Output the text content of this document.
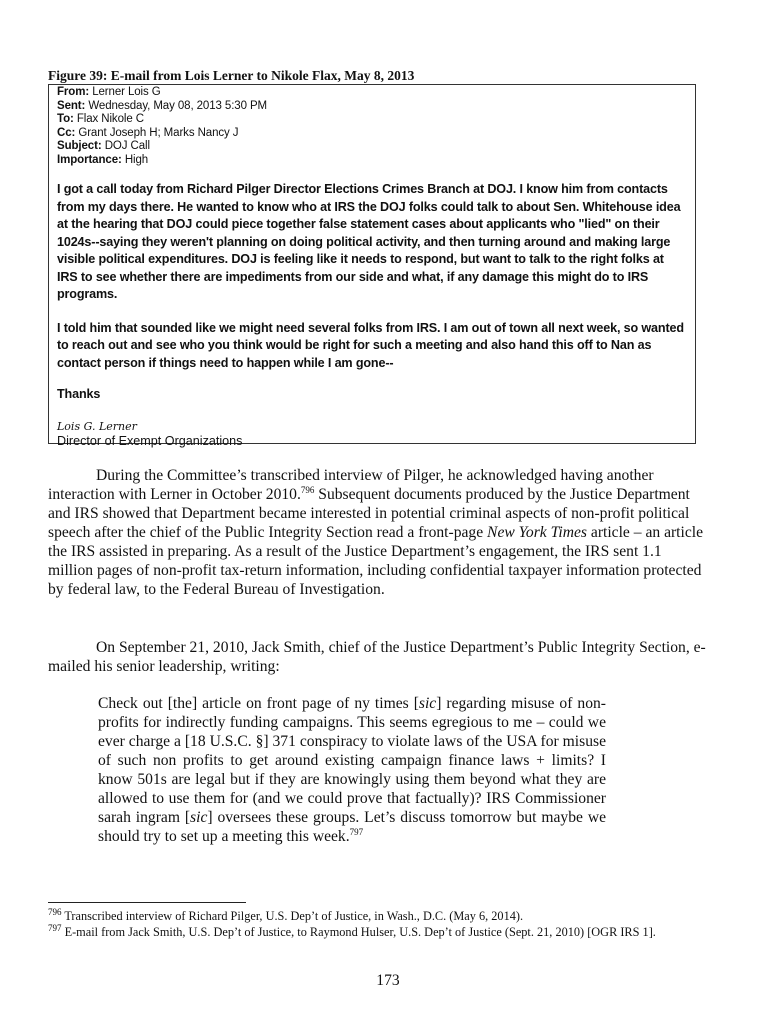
Figure 39: E-mail from Lois Lerner to Nikole Flax, May 8, 2013
From: Lerner Lois G
Sent: Wednesday, May 08, 2013 5:30 PM
To: Flax Nikole C
Cc: Grant Joseph H; Marks Nancy J
Subject: DOJ Call
Importance: High

I got a call today from Richard Pilger Director Elections Crimes Branch at DOJ. I know him from contacts from my days there. He wanted to know who at IRS the DOJ folks could talk to about Sen. Whitehouse idea at the hearing that DOJ could piece together false statement cases about applicants who "lied" on their 1024s--saying they weren't planning on doing political activity, and then turning around and making large visible political expenditures. DOJ is feeling like it needs to respond, but want to talk to the right folks at IRS to see whether there are impediments from our side and what, if any damage this might do to IRS programs.

I told him that sounded like we might need several folks from IRS. I am out of town all next week, so wanted to reach out and see who you think would be right for such a meeting and also hand this off to Nan as contact person if things need to happen while I am gone--

Thanks

Lois G. Lerner
Director of Exempt Organizations

During the Committee’s transcribed interview of Pilger, he acknowledged having another interaction with Lerner in October 2010.$^{796}$ Subsequent documents produced by the Justice Department and IRS showed that Department became interested in potential criminal aspects of non-profit political speech after the chief of the Public Integrity Section read a front-page New York Times article – an article the IRS assisted in preparing. As a result of the Justice Department’s engagement, the IRS sent 1.1 million pages of non-profit tax-return information, including confidential taxpayer information protected by federal law, to the Federal Bureau of Investigation.

On September 21, 2010, Jack Smith, chief of the Justice Department’s Public Integrity Section, e-mailed his senior leadership, writing:

Check out [the] article on front page of ny times [sic] regarding misuse of non-profits for indirectly funding campaigns. This seems egregious to me – could we ever charge a [18 U.S.C. §] 371 conspiracy to violate laws of the USA for misuse of such non profits to get around existing campaign finance laws + limits? I know 501s are legal but if they are knowingly using them beyond what they are allowed to use them for (and we could prove that factually)? IRS Commissioner sarah ingram [sic] oversees these groups. Let’s discuss tomorrow but maybe we should try to set up a meeting this week.$^{797}$

$^{796}$ Transcribed interview of Richard Pilger, U.S. Dep’t of Justice, in Wash., D.C. (May 6, 2014).

$^{797}$ E-mail from Jack Smith, U.S. Dep’t of Justice, to Raymond Hulser, U.S. Dep’t of Justice (Sept. 21, 2010) [OGR IRS 1].

173
